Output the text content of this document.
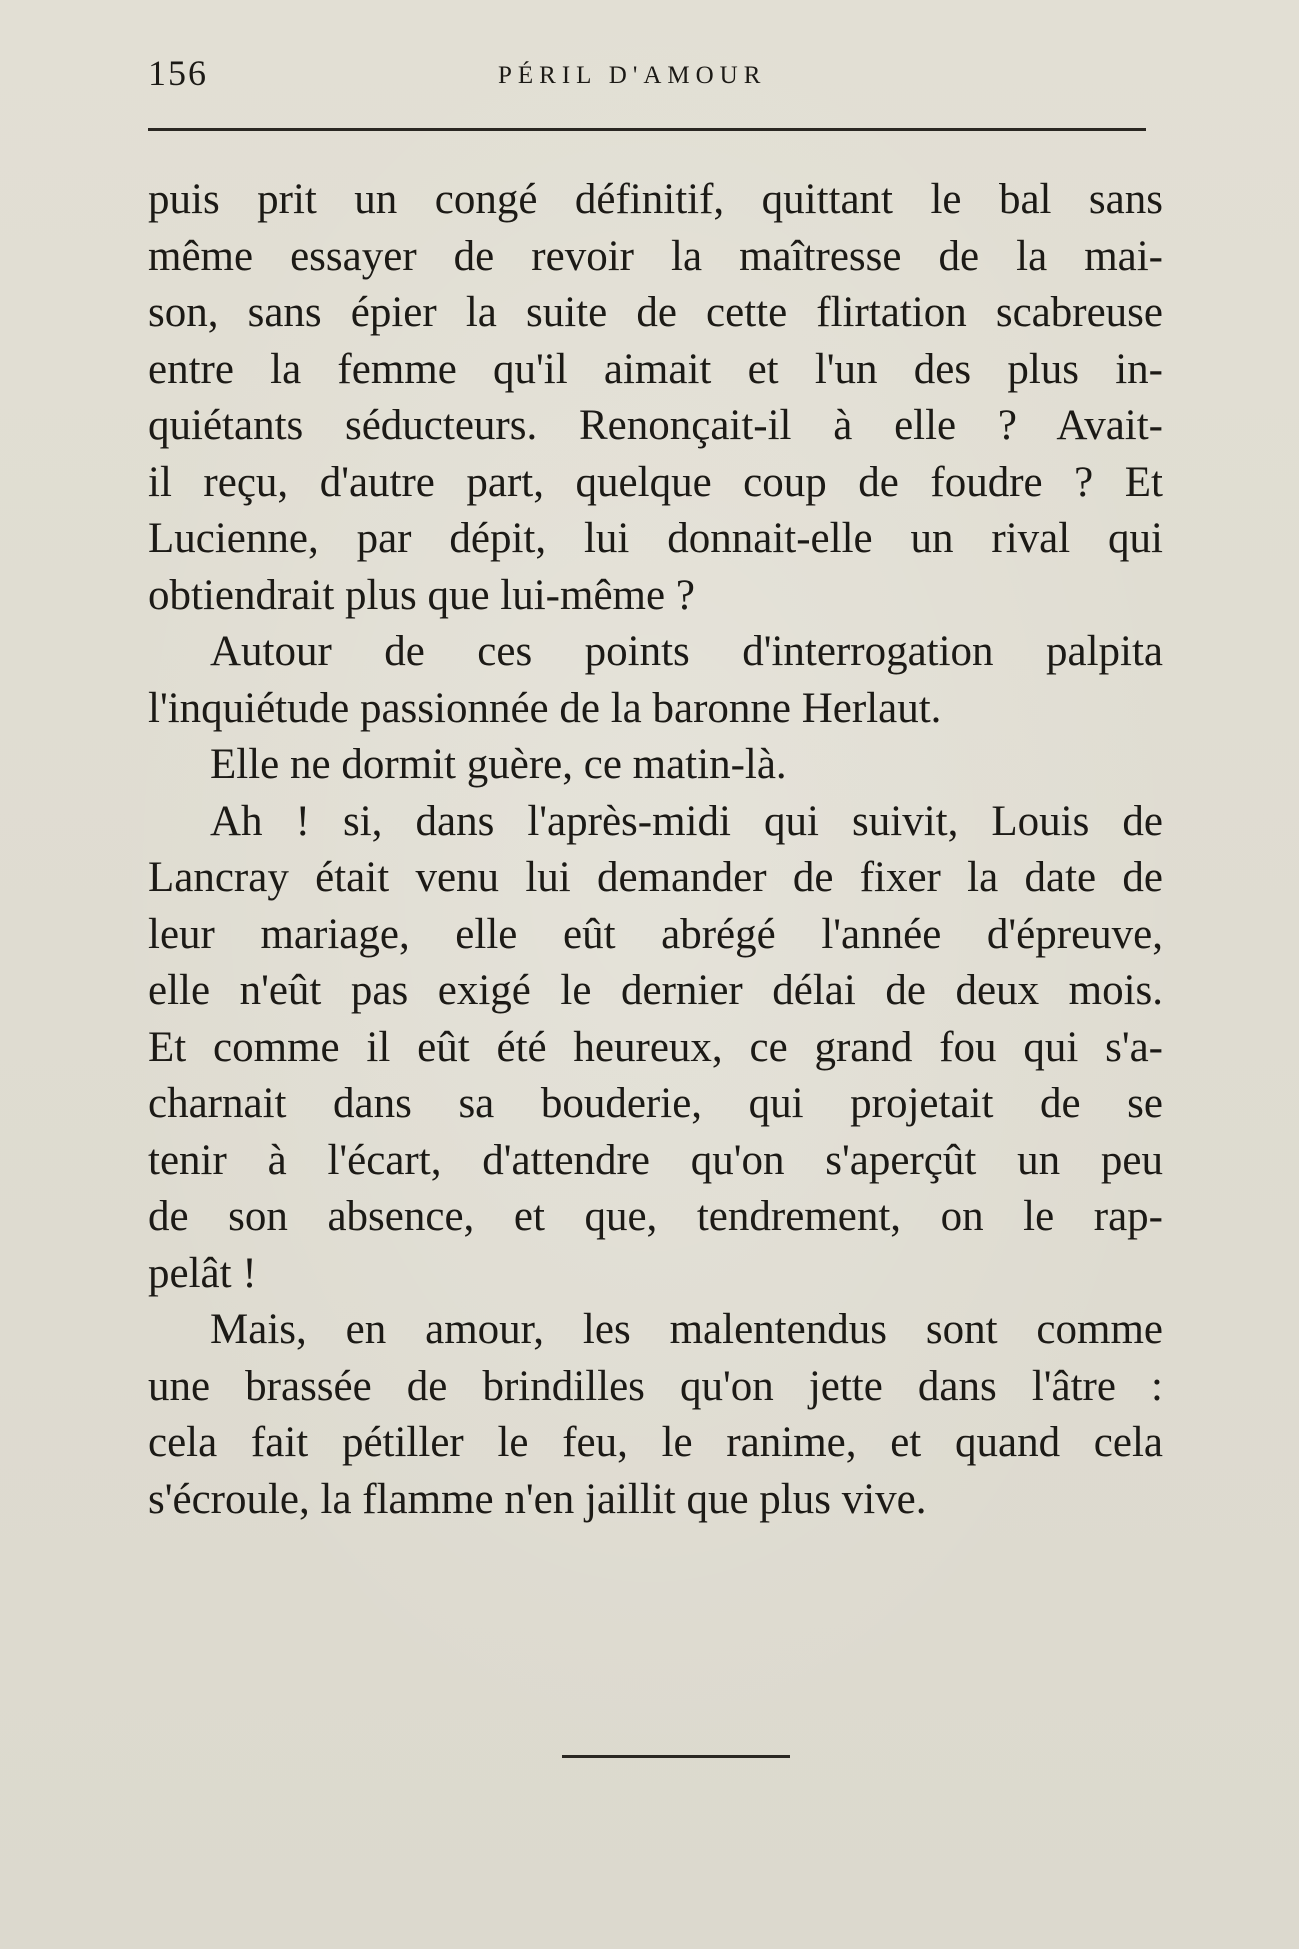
156	PÉRIL D'AMOUR

puis prit un congé définitif, quittant le bal sans
même essayer de revoir la maîtresse de la mai-
son, sans épier la suite de cette flirtation scabreuse
entre la femme qu'il aimait et l'un des plus in-
quiétants séducteurs. Renonçait-il à elle ? Avait-
il reçu, d'autre part, quelque coup de foudre ? Et
Lucienne, par dépit, lui donnait-elle un rival qui
obtiendrait plus que lui-même ?

Autour de ces points d'interrogation palpita
l'inquiétude passionnée de la baronne Herlaut.

Elle ne dormit guère, ce matin-là.

Ah ! si, dans l'après-midi qui suivit, Louis de
Lancray était venu lui demander de fixer la date de
leur mariage, elle eût abrégé l'année d'épreuve,
elle n'eût pas exigé le dernier délai de deux mois.
Et comme il eût été heureux, ce grand fou qui s'a-
charnait dans sa bouderie, qui projetait de se
tenir à l'écart, d'attendre qu'on s'aperçût un peu
de son absence, et que, tendrement, on le rap-
pelât !

Mais, en amour, les malentendus sont comme
une brassée de brindilles qu'on jette dans l'âtre :
cela fait pétiller le feu, le ranime, et quand cela
s'écroule, la flamme n'en jaillit que plus vive.
